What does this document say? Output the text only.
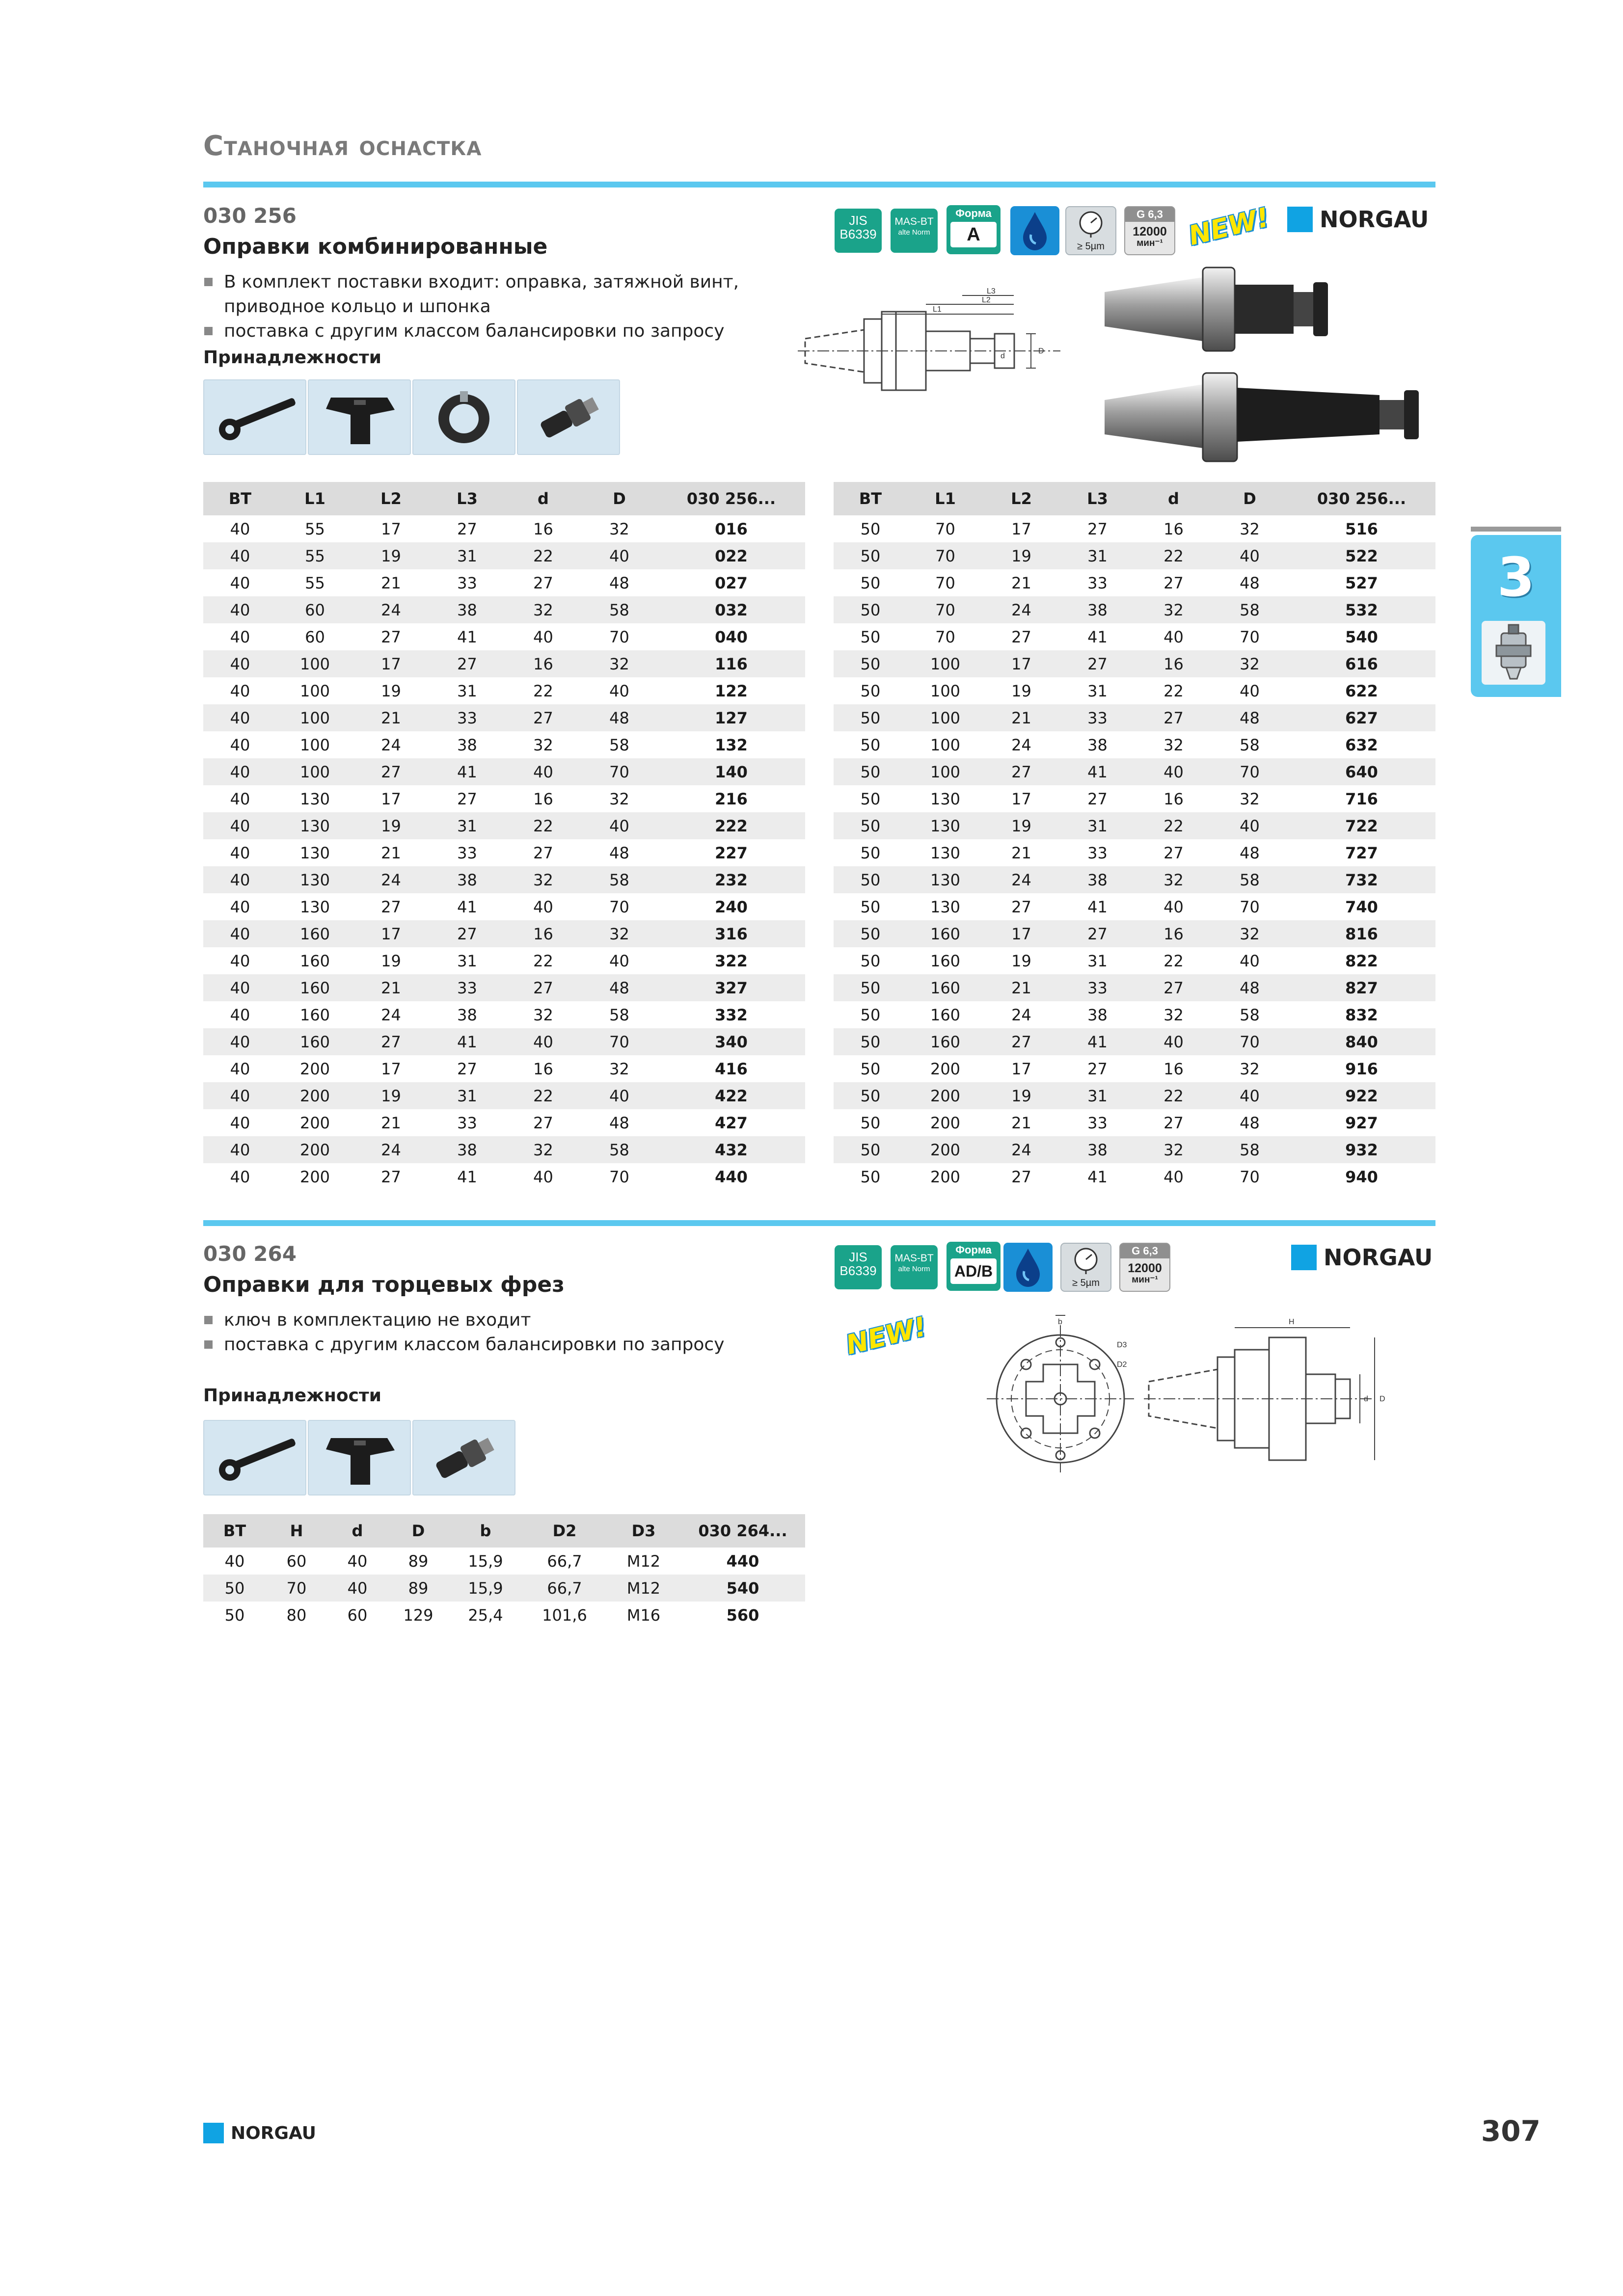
Станочная оснастка
3
030 256
Оправки комбинированные
В комплект поставки входит: оправка, затяжной винт,
приводное кольцо и шпонка
поставка с другим классом балансировки по запросу
Принадлежности
JIS
B6339
MAS-BT
alte Norm
Форма
A
≥ 5µm
G 6,3
12000
мин⁻¹ NEW! NORGAU
L1
L2
L3
D
d
BT	L1	L2	L3	d	D	030 256...
40	55	17	27	16	32	016
40	55	19	31	22	40	022
40	55	21	33	27	48	027
40	60	24	38	32	58	032
40	60	27	41	40	70	040
40	100	17	27	16	32	116
40	100	19	31	22	40	122
40	100	21	33	27	48	127
40	100	24	38	32	58	132
40	100	27	41	40	70	140
40	130	17	27	16	32	216
40	130	19	31	22	40	222
40	130	21	33	27	48	227
40	130	24	38	32	58	232
40	130	27	41	40	70	240
40	160	17	27	16	32	316
40	160	19	31	22	40	322
40	160	21	33	27	48	327
40	160	24	38	32	58	332
40	160	27	41	40	70	340
40	200	17	27	16	32	416
40	200	19	31	22	40	422
40	200	21	33	27	48	427
40	200	24	38	32	58	432
40	200	27	41	40	70	440
BT	L1	L2	L3	d	D	030 256...
50	70	17	27	16	32	516
50	70	19	31	22	40	522
50	70	21	33	27	48	527
50	70	24	38	32	58	532
50	70	27	41	40	70	540
50	100	17	27	16	32	616
50	100	19	31	22	40	622
50	100	21	33	27	48	627
50	100	24	38	32	58	632
50	100	27	41	40	70	640
50	130	17	27	16	32	716
50	130	19	31	22	40	722
50	130	21	33	27	48	727
50	130	24	38	32	58	732
50	130	27	41	40	70	740
50	160	17	27	16	32	816
50	160	19	31	22	40	822
50	160	21	33	27	48	827
50	160	24	38	32	58	832
50	160	27	41	40	70	840
50	200	17	27	16	32	916
50	200	19	31	22	40	922
50	200	21	33	27	48	927
50	200	24	38	32	58	932
50	200	27	41	40	70	940
030 264
Оправки для торцевых фрез
ключ в комплектацию не входит
поставка с другим классом балансировки по запросу
Принадлежности
JIS
B6339
MAS-BT
alte Norm
Форма
AD/B
≥ 5µm
G 6,3
12000
мин⁻¹
NEW!
NORGAU
b
D3
D2
H
d D
BT	H	d	D	b	D2	D3	030 264...
40	60	40	89	15,9	66,7	M12	440
50	70	40	89	15,9	66,7	M12	540
50	80	60	129	25,4	101,6	M16	560
NORGAU	307
